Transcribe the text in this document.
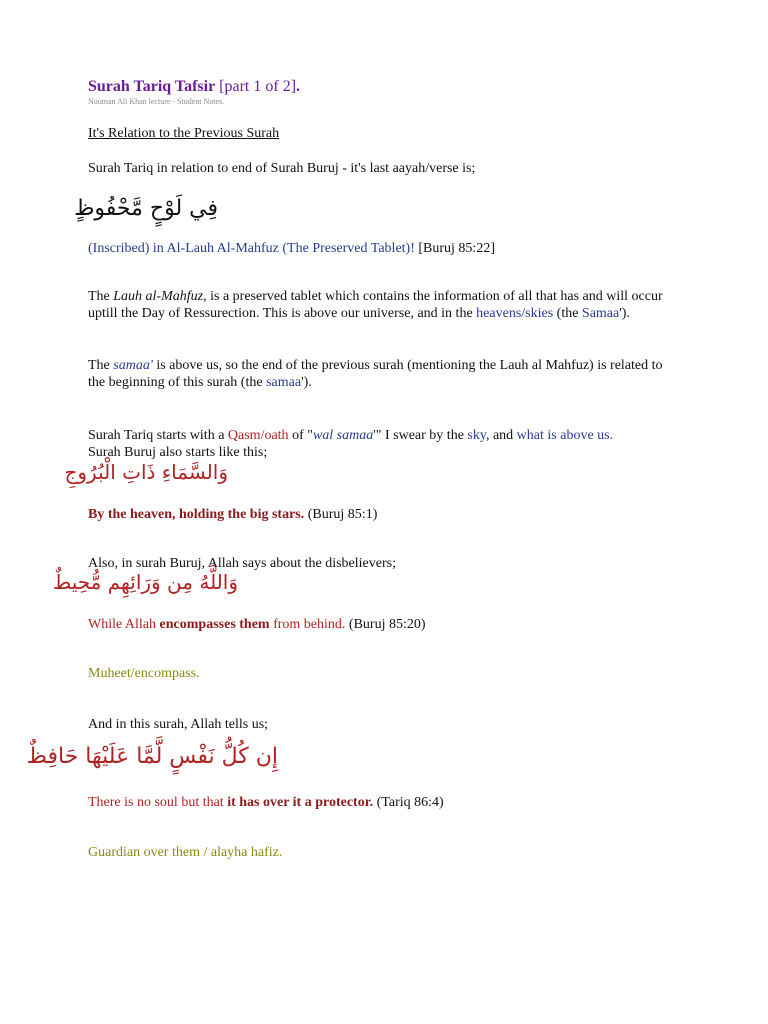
Surah Tariq Tafsir [part 1 of 2].
Nouman Ali Khan lecture - Student Notes.
It's Relation to the Previous Surah
Surah Tariq in relation to end of Surah Buruj - it's last aayah/verse is;
فِي لَوْحٍ مَّحْفُوظٍ
(Inscribed) in Al-Lauh Al-Mahfuz (The Preserved Tablet)! [Buruj 85:22]
The Lauh al-Mahfuz, is a preserved tablet which contains the information of all that has and will occur uptill the Day of Ressurection. This is above our universe, and in the heavens/skies (the Samaa').
The samaa' is above us, so the end of the previous surah (mentioning the Lauh al Mahfuz) is related to the beginning of this surah (the samaa').
Surah Tariq starts with a Qasm/oath of "wal samaa'" I swear by the sky, and what is above us.
Surah Buruj also starts like this;
وَالسَّمَاءِ ذَاتِ الْبُرُوجِ
By the heaven, holding the big stars. (Buruj 85:1)
Also, in surah Buruj, Allah says about the disbelievers;
وَاللَّهُ مِن وَرَائِهِم مُّحِيطٌ
While Allah encompasses them from behind. (Buruj 85:20)
Muheet/encompass.
And in this surah, Allah tells us;
إِن كُلُّ نَفْسٍ لَّمَّا عَلَيْهَا حَافِظٌ
There is no soul but that it has over it a protector. (Tariq 86:4)
Guardian over them / alayha hafiz.
